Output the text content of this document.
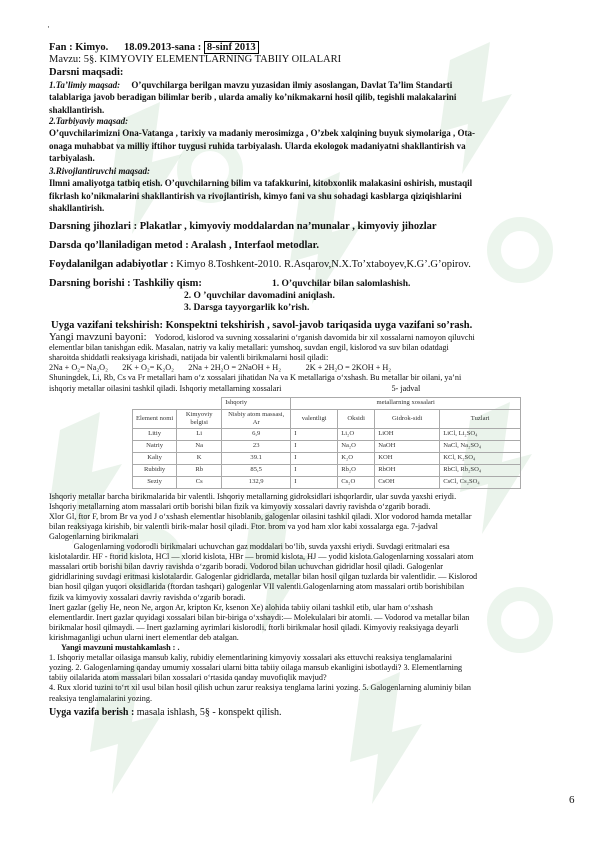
·
Fan : Kimyo. 18.09.2013-sana : 8-sinf 2013
Mavzu: 5§. KIMYOVIY ELEMENTLARNING TABIIY OILALARI
Darsni maqsadi:
1.Ta’limiy maqsad: O’quvchilarga berilgan mavzu yuzasidan ilmiy asoslangan, Davlat Ta’lim Standarti
talablariga javob beradigan bilimlar berib , ularda amaliy ko’nikmakarni hosil qilib, tegishli malakalarini
shakllantirish.
2.Tarbiyaviy maqsad:
O’quvchilarimizni Ona-Vatanga , tarixiy va madaniy merosimizga , O’zbek xalqining buyuk siymolariga , Ota-
onaga muhabbat va milliy iftihor tuygusi ruhida tarbiyalash. Ularda ekologok madaniyatni shakllantirish va
tarbiyalash.
3.Rivojlantiruvchi maqsad:
Ilmni amaliyotga tatbiq etish. O’quvchilarning bilim va tafakkurini, kitobxonlik malakasini oshirish, mustaqil
fikrlash ko’nikmalarini shakllantirish va rivojlantirish, kimyo fani va shu sohadagi kasblarga qiziqishlarini
shakllantirish.
Darsning jihozlari : Plakatlar , kimyoviy moddalardan na’munalar , kimyoviy jihozlar
Darsda qo’llaniladigan metod : Aralash , Interfaol metodlar.
Foydalanilgan adabiyotlar : Kimyo 8.Toshkent-2010. R.Asqarov,N.X.To’xtaboyev,K.G’.G’opirov.
Darsning borishi : Tashkiliy qism:	1. O’quvchilar bilan salomlashish.
2. O ’quvchilar davomadini aniqlash.
3. Darsga tayyorgarlik ko’rish.
Uyga vazifani tekshirish: Konspektni tekshirish , savol-javob tariqasida uyga vazifani so’rash.
Yangi mavzuni bayoni: Yodorod, kislorod va suvning xossalarini o‘rganish davomida bir xil xossalarni namoyon qiluvchi
elementlar bilan tanishgan edik. Masalan, natriy va kaliy metallari: yumshoq, suvdan engil, kislorod va suv bilan odatdagi
sharoitda shiddatli reaksiyaga kirishadi, natijada bir valentli birikmalarni hosil qiladi:
2Na + O₂= Na₂O₂ 2K + O₂= K₂O₂ 2Na + 2H₂O = 2NaOH + H₂	2K + 2H₂O = 2KOH + H₂
Shuningdek, Li, Rb, Cs va Fr metallari ham o‘z xossalari jihatidan Na va K metallariga o‘xshash. Bu metallar bir oilani, ya’ni
ishqoriy metallar oilasini tashkil qiladi. Ishqoriy metallarning xossalari	5- jadval
		Ishqoriy	metallarning xossalari			
Element nomi	Kimyoviy belgisi	Nisbiy atom massasi, Ar	valentligi	Oksidi	Gidrok-sidi	Tuzlari
Litiy	Li	6,9	I	Li₂O	LiOH	LiCl, Li₂SO₄
Natriy	Na	23	I	Na₂O	NaOH	NaCl, Na₂SO₄
Kaliy	K	39.1	I	K₂O	KOH	KCl, K₂SO₄
Rubidiy	Rb	85,5	I	Rb₂O	RbOH	RbCl, Rb₂SO₄
Seziy	Cs	132,9	I	Cs₂O	CsOH	CsCl, Cs₂SO₄
Ishqoriy metallar barcha birikmalarida bir valentli. Ishqoriy metallarning gidroksidlari ishqorlardir, ular suvda yaxshi eriydi.
Ishqoriy metallarning atom massalari ortib borishi bilan fizik va kimyoviy xossalari davriy ravishda o‘zgarib boradi.
Xlor Gl, ftor F, brom Br va yod J o‘xshash elementlar hisoblanib, galogenlar oilasini tashkil qiladi. Xlor vodorod hamda metallar
bilan reaksiyaga kirishib, bir valentli birik-malar hosil qiladi. Ftor. brom va yod ham xlor kabi xossalarga ega. 7-jadval
Galogenlarning birikmalari
Galogenlarning vodorodli birikmalari uchuvchan gaz moddalari bo‘lib, suvda yaxshi eriydi. Suvdagi eritmalari esa
kislotalardir. HF - ftorid kislota, HCl — xlorid kislota, HBr — bromid kislota, HJ — yodid kislota.Galogenlarning xossalari atom
massalari ortib borishi bilan davriy ravishda o‘zgarib boradi. Vodorod bilan uchuvchan gidridlar hosil qiladi. Galogenlar
gidridlarining suvdagi eritmasi kislotalardir. Galogenlar gidridlarda, metallar bilan hosil qilgan tuzlarda bir valentlidir. — Kislorod
bian hosil qilgan yuqori oksidlarida (ftordan tashqari) galogenlar VII valentli.Galogenlarning atom massalari ortib borishibilan
fizik va kimyoviy xossalari davriy ravishda o‘zgarib boradi.
Inert gazlar (geliy He, neon Ne, argon Ar, kripton Kr, ksenon Xe) alohida tabiiy oilani tashkil etib, ular ham o‘xshash
elementlardir. Inert gazlar quyidagi xossalari bilan bir-biriga o‘xshaydi:— Molekulalari bir atomli. — Vodorod va metallar bilan
birikmalar hosil qilmaydi. — Inert gazlarning ayrimlari kislorodli, ftorli birikmalar hosil qiladi. Kimyoviy reaksiyaga deyarli
kirishmaganligi uchun ularni inert elementlar deb atalgan.
Yangi mavzuni mustahkamlash : .
1. Ishqoriy metallar oilasiga mansub kaliy, rubidiy elementlarining kimyoviy xossalari aks ettuvchi reaksiya tenglamalarini
yozing. 2. Galogenlarning qanday umumiy xossalari ularni bitta tabiiy oilaga mansub ekanligini isbotlaydi? 3. Elementlarning
tabiiy oilalarida atom massalari bilan xossalari o‘rtasida qanday muvofiqlik mavjud?
4. Rux xlorid tuzini to‘rt xil usul bilan hosil qilish uchun zarur reaksiya tenglama larini yozing. 5. Galogenlarning aluminiy bilan
reaksiya tenglamalarini yozing.
Uyga vazifa berish : masala ishlash, 5§ - konspekt qilish.
6
